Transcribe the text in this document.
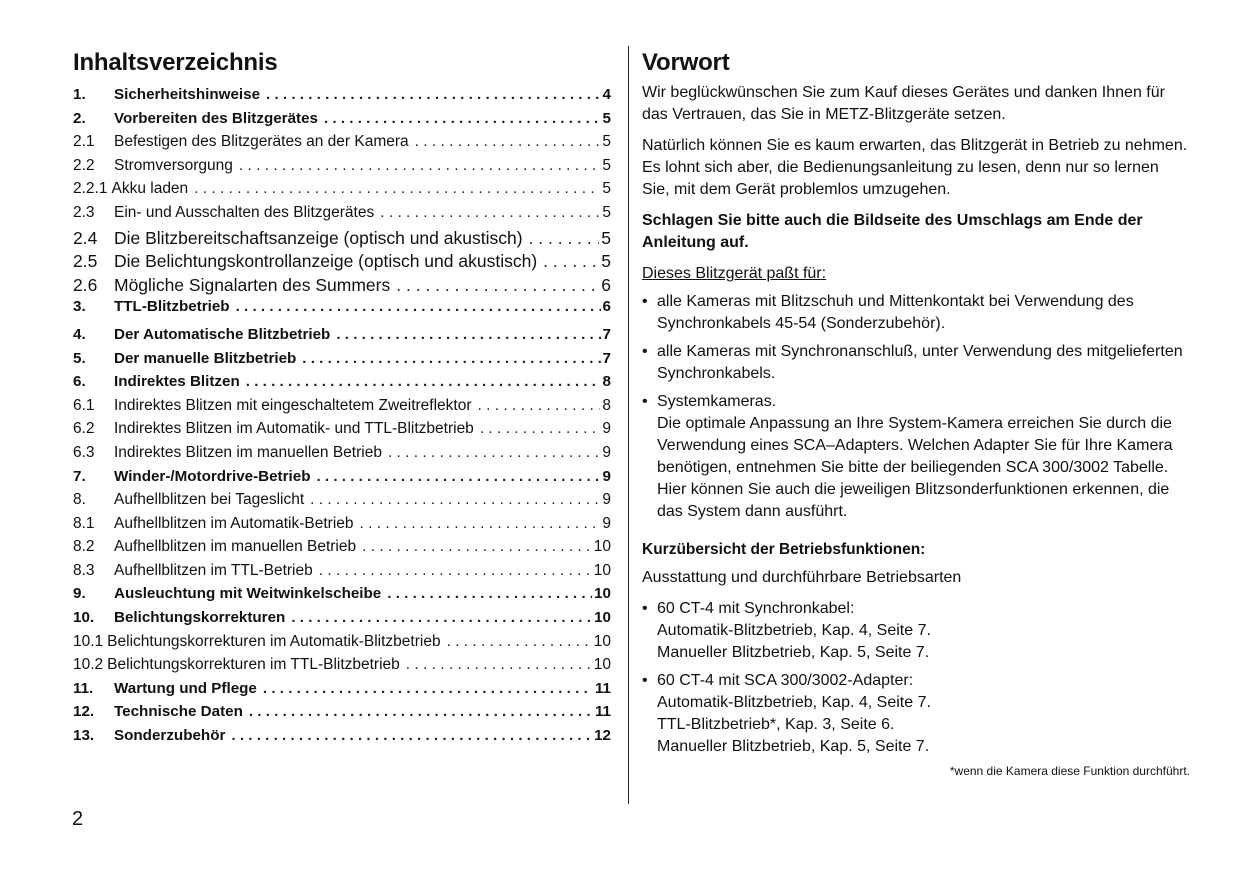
Inhaltsverzeichnis
1.	Sicherheitshinweise . . .	4
2.	Vorbereiten des Blitzgerätes . . .	5
2.1	Befestigen des Blitzgerätes an der Kamera . . .	5
2.2	Stromversorgung . . .	5
2.2.1 Akku laden . . .	5
2.3	Ein- und Ausschalten des Blitzgerätes . . .	5
2.4 Die Blitzbereitschaftsanzeige (optisch und akustisch) . . .	5
2.5 Die Belichtungskontrollanzeige (optisch und akustisch) . . .	5
2.6 Mögliche Signalarten des Summers . . .	6
3.	TTL-Blitzbetrieb . . .	6
4.	Der Automatische Blitzbetrieb . . .	7
5.	Der manuelle Blitzbetrieb . . .	7
6.	Indirektes Blitzen . . .	8
6.1	Indirektes Blitzen mit eingeschaltetem Zweitreflektor . . .	8
6.2	Indirektes Blitzen im Automatik- und TTL-Blitzbetrieb . . .	9
6.3	Indirektes Blitzen im manuellen Betrieb . . .	9
7.	Winder-/Motordrive-Betrieb . . .	9
8.	Aufhellblitzen bei Tageslicht . . .	9
8.1	Aufhellblitzen im Automatik-Betrieb . . .	9
8.2	Aufhellblitzen im manuellen Betrieb . . .	10
8.3	Aufhellblitzen im TTL-Betrieb . . .	10
9.	Ausleuchtung mit Weitwinkelscheibe . . .	10
10.	Belichtungskorrekturen . . .	10
10.1 Belichtungskorrekturen im Automatik-Blitzbetrieb . . .	10
10.2 Belichtungskorrekturen im TTL-Blitzbetrieb . . .	10
11.	Wartung und Pflege . . .	11
12.	Technische Daten . . .	11
13.	Sonderzubehör . . .	12
Vorwort

Wir beglückwünschen Sie zum Kauf dieses Gerätes und danken Ihnen für das Vertrauen, das Sie in METZ-Blitzgeräte setzen.

Natürlich können Sie es kaum erwarten, das Blitzgerät in Betrieb zu nehmen. Es lohnt sich aber, die Bedienungsanleitung zu lesen, denn nur so lernen Sie, mit dem Gerät problemlos umzugehen.

Schlagen Sie bitte auch die Bildseite des Umschlags am Ende der Anleitung auf.

Dieses Blitzgerät paßt für:

• alle Kameras mit Blitzschuh und Mittenkontakt bei Verwendung des
Synchronkabels 45-54 (Sonderzubehör).
• alle Kameras mit Synchronanschluß, unter Verwendung des mitgelieferten
Synchronkabels.
• Systemkameras.
Die optimale Anpassung an Ihre System-Kamera erreichen Sie durch die
Verwendung eines SCA–Adapters. Welchen Adapter Sie für Ihre Kamera
benötigen, entnehmen Sie bitte der beiliegenden SCA 300/3002 Tabelle.
Hier können Sie auch die jeweiligen Blitzsonderfunktionen erkennen, die
das System dann ausführt.
Kurzübersicht der Betriebsfunktionen:

Ausstattung und durchführbare Betriebsarten

• 60 CT-4 mit Synchronkabel:
Automatik-Blitzbetrieb, Kap. 4, Seite 7.
Manueller Blitzbetrieb, Kap. 5, Seite 7.
• 60 CT-4 mit SCA 300/3002-Adapter:
Automatik-Blitzbetrieb, Kap. 4, Seite 7.
TTL-Blitzbetrieb*, Kap. 3, Seite 6.
Manueller Blitzbetrieb, Kap. 5, Seite 7.
*wenn die Kamera diese Funktion durchführt.
2
